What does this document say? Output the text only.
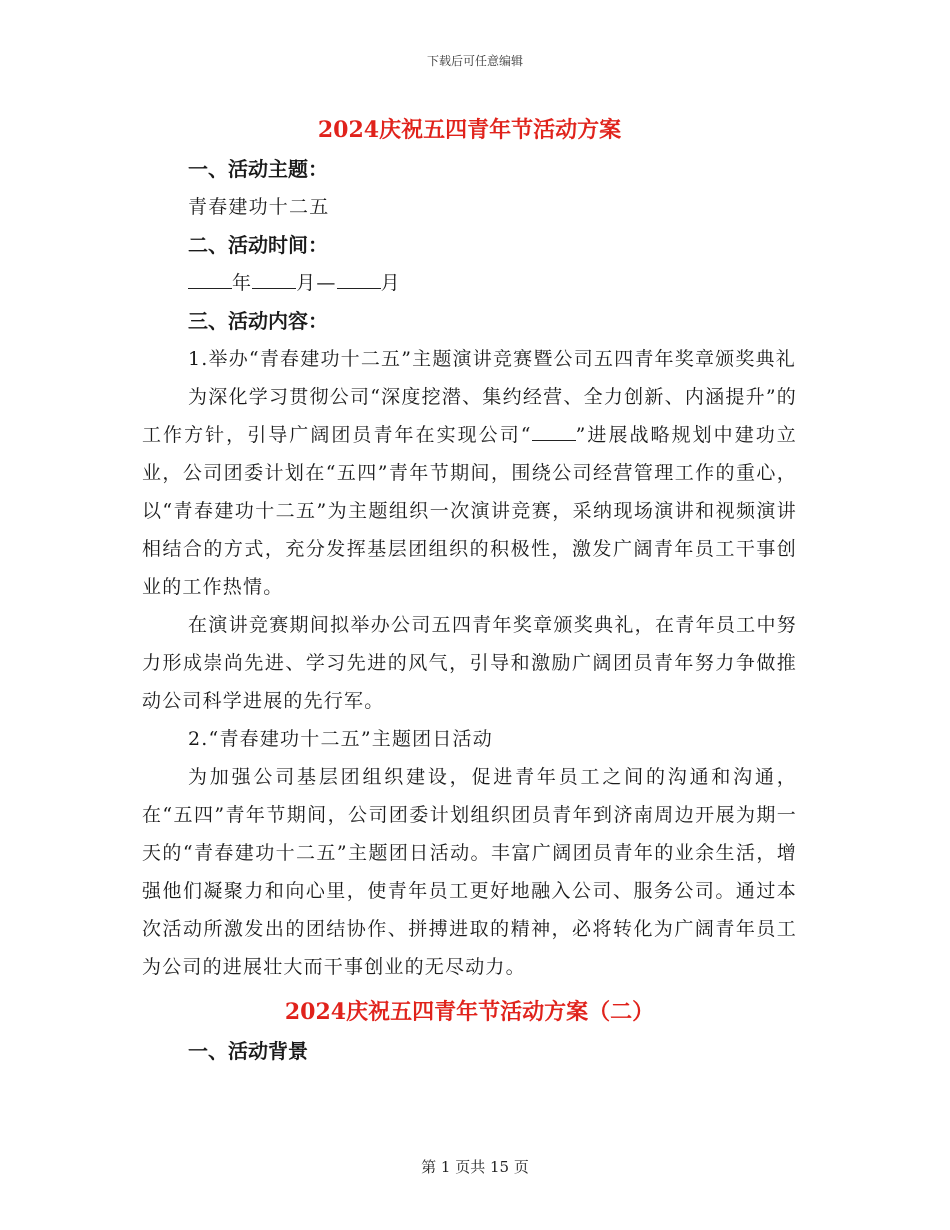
下载后可任意编辑
2024庆祝五四青年节活动方案

一、活动主题：

青春建功十二五

二、活动时间：

年 月— 月

三、活动内容：

1.举办“青春建功十二五”主题演讲竞赛暨公司五四青年奖章颁奖典礼

为深化学习贯彻公司“深度挖潜、集约经营、全力创新、内涵提升”的工作方针，引导广阔团员青年在实现公司“ ”进展战略规划中建功立业，公司团委计划在“五四”青年节期间，围绕公司经营管理工作的重心，以“青春建功十二五”为主题组织一次演讲竞赛，采纳现场演讲和视频演讲相结合的方式，充分发挥基层团组织的积极性，激发广阔青年员工干事创业的工作热情。

在演讲竞赛期间拟举办公司五四青年奖章颁奖典礼，在青年员工中努力形成崇尚先进、学习先进的风气，引导和激励广阔团员青年努力争做推动公司科学进展的先行军。

2.“青春建功十二五”主题团日活动

为加强公司基层团组织建设，促进青年员工之间的沟通和沟通，在“五四”青年节期间，公司团委计划组织团员青年到济南周边开展为期一天的“青春建功十二五”主题团日活动。丰富广阔团员青年的业余生活，增强他们凝聚力和向心里，使青年员工更好地融入公司、服务公司。通过本次活动所激发出的团结协作、拼搏进取的精神，必将转化为广阔青年员工为公司的进展壮大而干事创业的无尽动力。

2024庆祝五四青年节活动方案（二）

一、活动背景

第 1 页共 15 页
